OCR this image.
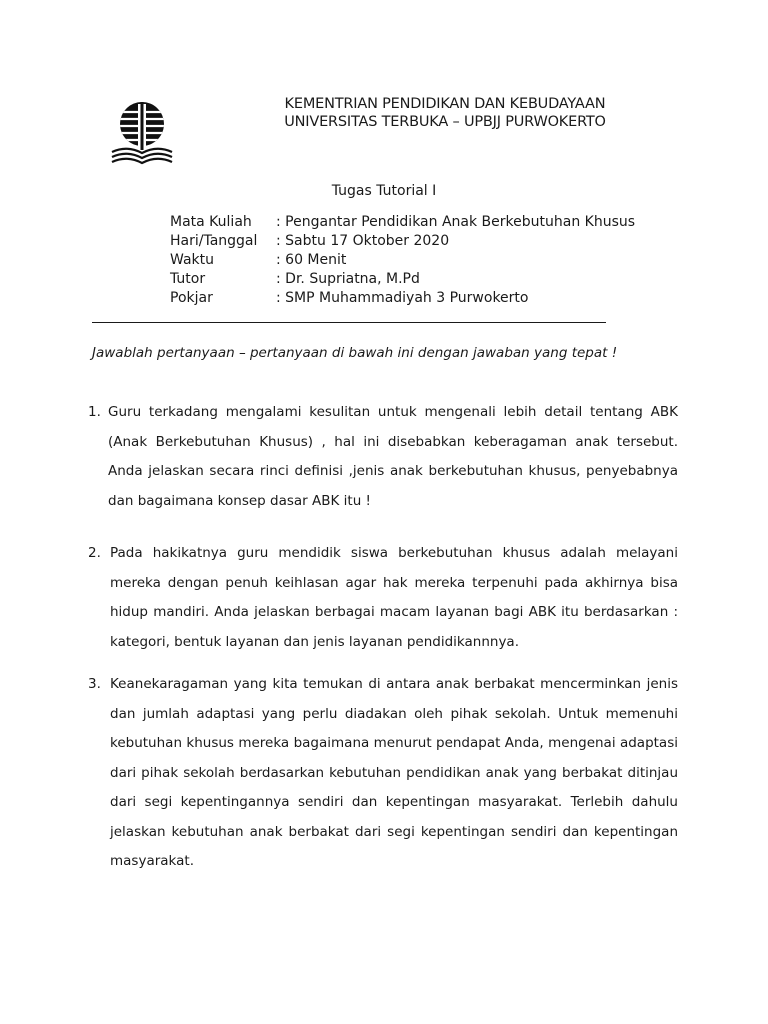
KEMENTRIAN PENDIDIKAN DAN KEBUDAYAAN
UNIVERSITAS TERBUKA – UPBJJ PURWOKERTO
Tugas Tutorial I
Mata Kuliah	: Pengantar Pendidikan Anak Berkebutuhan Khusus
Hari/Tanggal	: Sabtu 17 Oktober 2020
Waktu	: 60 Menit
Tutor	: Dr. Supriatna, M.Pd
Pokjar	: SMP Muhammadiyah 3 Purwokerto
Jawablah pertanyaan – pertanyaan di bawah ini dengan jawaban yang tepat !
1. Guru terkadang mengalami kesulitan untuk mengenali lebih detail tentang ABK (Anak Berkebutuhan Khusus) , hal ini disebabkan keberagaman anak tersebut. Anda jelaskan secara rinci definisi ,jenis anak berkebutuhan khusus, penyebabnya dan bagaimana konsep dasar ABK itu !
2. Pada hakikatnya guru mendidik siswa berkebutuhan khusus adalah melayani mereka dengan penuh keihlasan agar hak mereka terpenuhi pada akhirnya bisa hidup mandiri. Anda jelaskan berbagai macam layanan bagi ABK itu berdasarkan : kategori, bentuk layanan dan jenis layanan pendidikannnya.
3. Keanekaragaman yang kita temukan di antara anak berbakat mencerminkan jenis dan jumlah adaptasi yang perlu diadakan oleh pihak sekolah. Untuk memenuhi kebutuhan khusus mereka bagaimana menurut pendapat Anda, mengenai adaptasi dari pihak sekolah berdasarkan kebutuhan pendidikan anak yang berbakat ditinjau dari segi kepentingannya sendiri dan kepentingan masyarakat. Terlebih dahulu jelaskan kebutuhan anak berbakat dari segi kepentingan sendiri dan kepentingan masyarakat.
